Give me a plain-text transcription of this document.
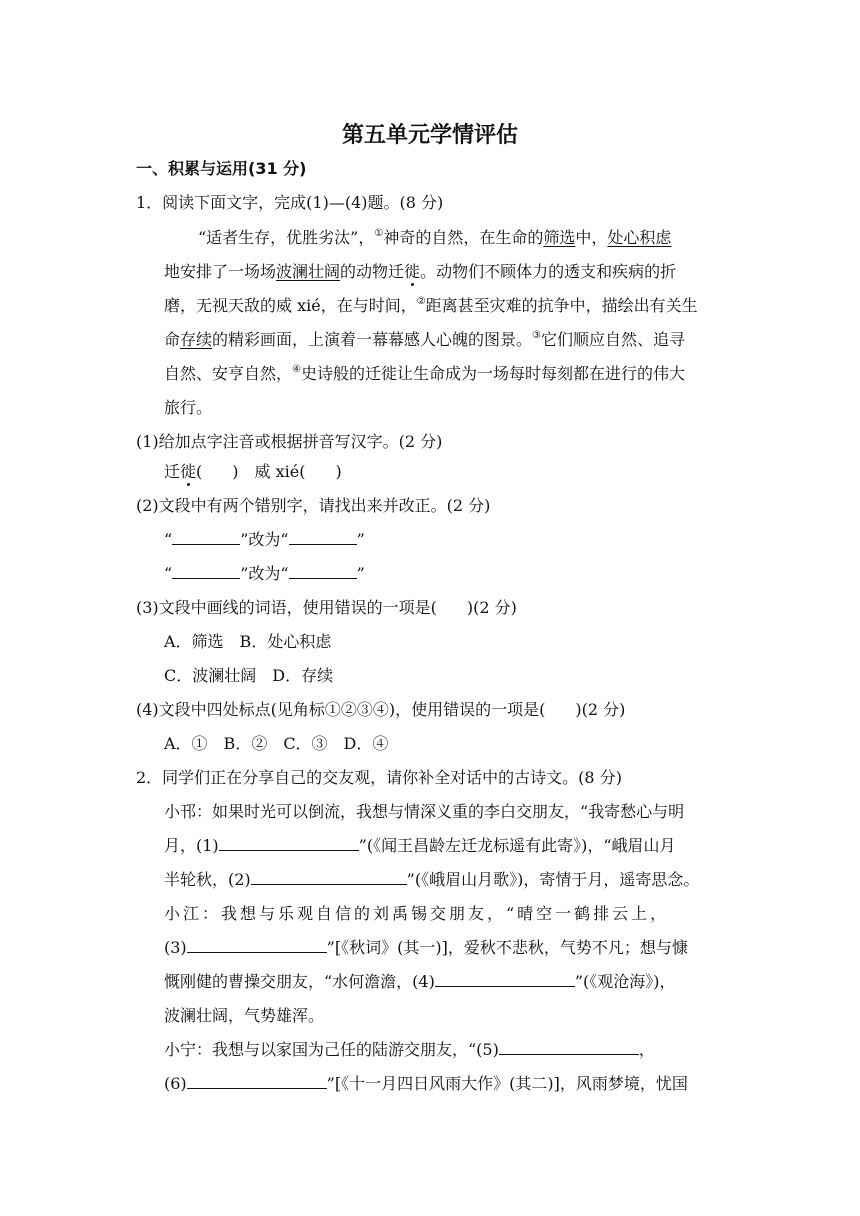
第五单元学情评估
一、积累与运用(31 分)
1．阅读下面文字，完成(1)—(4)题。(8 分)
“适者生存，优胜劣汰”，①神奇的自然，在生命的筛选中，处心积虑
地安排了一场场波澜壮阔的动物迁徙。动物们不顾体力的透支和疾病的折
磨，无视天敌的威 xié，在与时间，②距离甚至灾难的抗争中，描绘出有关生
命存续的精彩画面，上演着一幕幕感人心魄的图景。③它们顺应自然、追寻
自然、安亨自然，④史诗般的迁徙让生命成为一场每时每刻都在进行的伟大
旅行。
(1)给加点字注音或根据拼音写汉字。(2 分)
迁徙( )　威 xié( )
(2)文段中有两个错别字，请找出来并改正。(2 分)
“	”改为“	”
“	”改为“	”
(3)文段中画线的词语，使用错误的一项是( )(2 分)
A．筛选　B．处心积虑
C．波澜壮阔　D．存续
(4)文段中四处标点(见角标①②③④)，使用错误的一项是( )(2 分)
A．①　B．②　C．③　D．④
2．同学们正在分享自己的交友观，请你补全对话中的古诗文。(8 分)
小邗：如果时光可以倒流，我想与情深义重的李白交朋友，“我寄愁心与明
月，(1)	”(《闻王昌龄左迁龙标遥有此寄》)，“峨眉山月
半轮秋，(2)	”(《峨眉山月歌》)，寄情于月，遥寄思念。
小江：我想与乐观自信的刘禹锡交朋友，“晴空一鹤排云上，
(3)	”[《秋词》(其一)]，爱秋不悲秋，气势不凡；想与慷
慨刚健的曹操交朋友，“水何澹澹，(4)	”(《观沧海》)，
波澜壮阔，气势雄浑。
小宁：我想与以家国为己任的陆游交朋友，“(5)	，
(6)	”[《十一月四日风雨大作》(其二)]，风雨梦境，忧国
